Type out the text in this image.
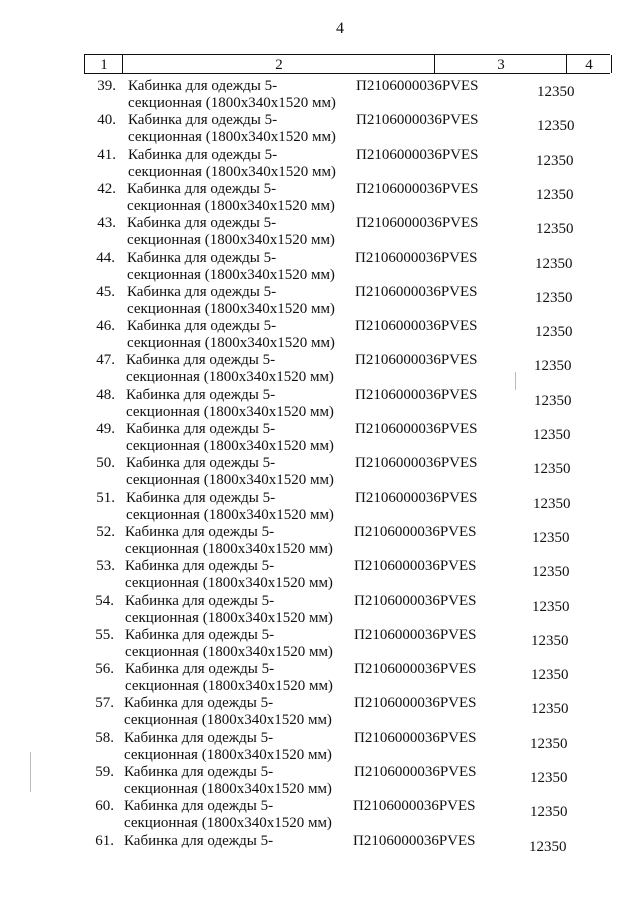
4
1	2	3	4
39. Кабинка для одежды 5-
секционная (1800х340х1520 мм)
П2106000036PVES	12350
40. Кабинка для одежды 5-
секционная (1800х340х1520 мм)
П2106000036PVES	12350
41. Кабинка для одежды 5-
секционная (1800х340х1520 мм)
П2106000036PVES	12350
42. Кабинка для одежды 5-
секционная (1800х340х1520 мм)
П2106000036PVES	12350
43. Кабинка для одежды 5-
секционная (1800х340х1520 мм)
П2106000036PVES	12350
44. Кабинка для одежды 5-
секционная (1800х340х1520 мм)
П2106000036PVES	12350
45. Кабинка для одежды 5-
секционная (1800х340х1520 мм)
П2106000036PVES	12350
46. Кабинка для одежды 5-
секционная (1800х340х1520 мм)
П2106000036PVES	12350
47. Кабинка для одежды 5-
секционная (1800х340х1520 мм)
П2106000036PVES	12350
48. Кабинка для одежды 5-
секционная (1800х340х1520 мм)
П2106000036PVES	12350
49. Кабинка для одежды 5-
секционная (1800х340х1520 мм)
П2106000036PVES	12350
50. Кабинка для одежды 5-
секционная (1800х340х1520 мм)
П2106000036PVES	12350
51. Кабинка для одежды 5-
секционная (1800х340х1520 мм)
П2106000036PVES	12350
52. Кабинка для одежды 5-
секционная (1800х340х1520 мм)
П2106000036PVES	12350
53. Кабинка для одежды 5-
секционная (1800х340х1520 мм)
П2106000036PVES	12350
54. Кабинка для одежды 5-
секционная (1800х340х1520 мм)
П2106000036PVES	12350
55. Кабинка для одежды 5-
секционная (1800х340х1520 мм)
П2106000036PVES	12350
56. Кабинка для одежды 5-
секционная (1800х340х1520 мм)
П2106000036PVES	12350
57. Кабинка для одежды 5-
секционная (1800х340х1520 мм)
П2106000036PVES	12350
58. Кабинка для одежды 5-
секционная (1800х340х1520 мм)
П2106000036PVES	12350
59. Кабинка для одежды 5-
секционная (1800х340х1520 мм)
П2106000036PVES	12350
60. Кабинка для одежды 5-
секционная (1800х340х1520 мм)
П2106000036PVES	12350
61. Кабинка для одежды 5-	П2106000036PVES	12350
